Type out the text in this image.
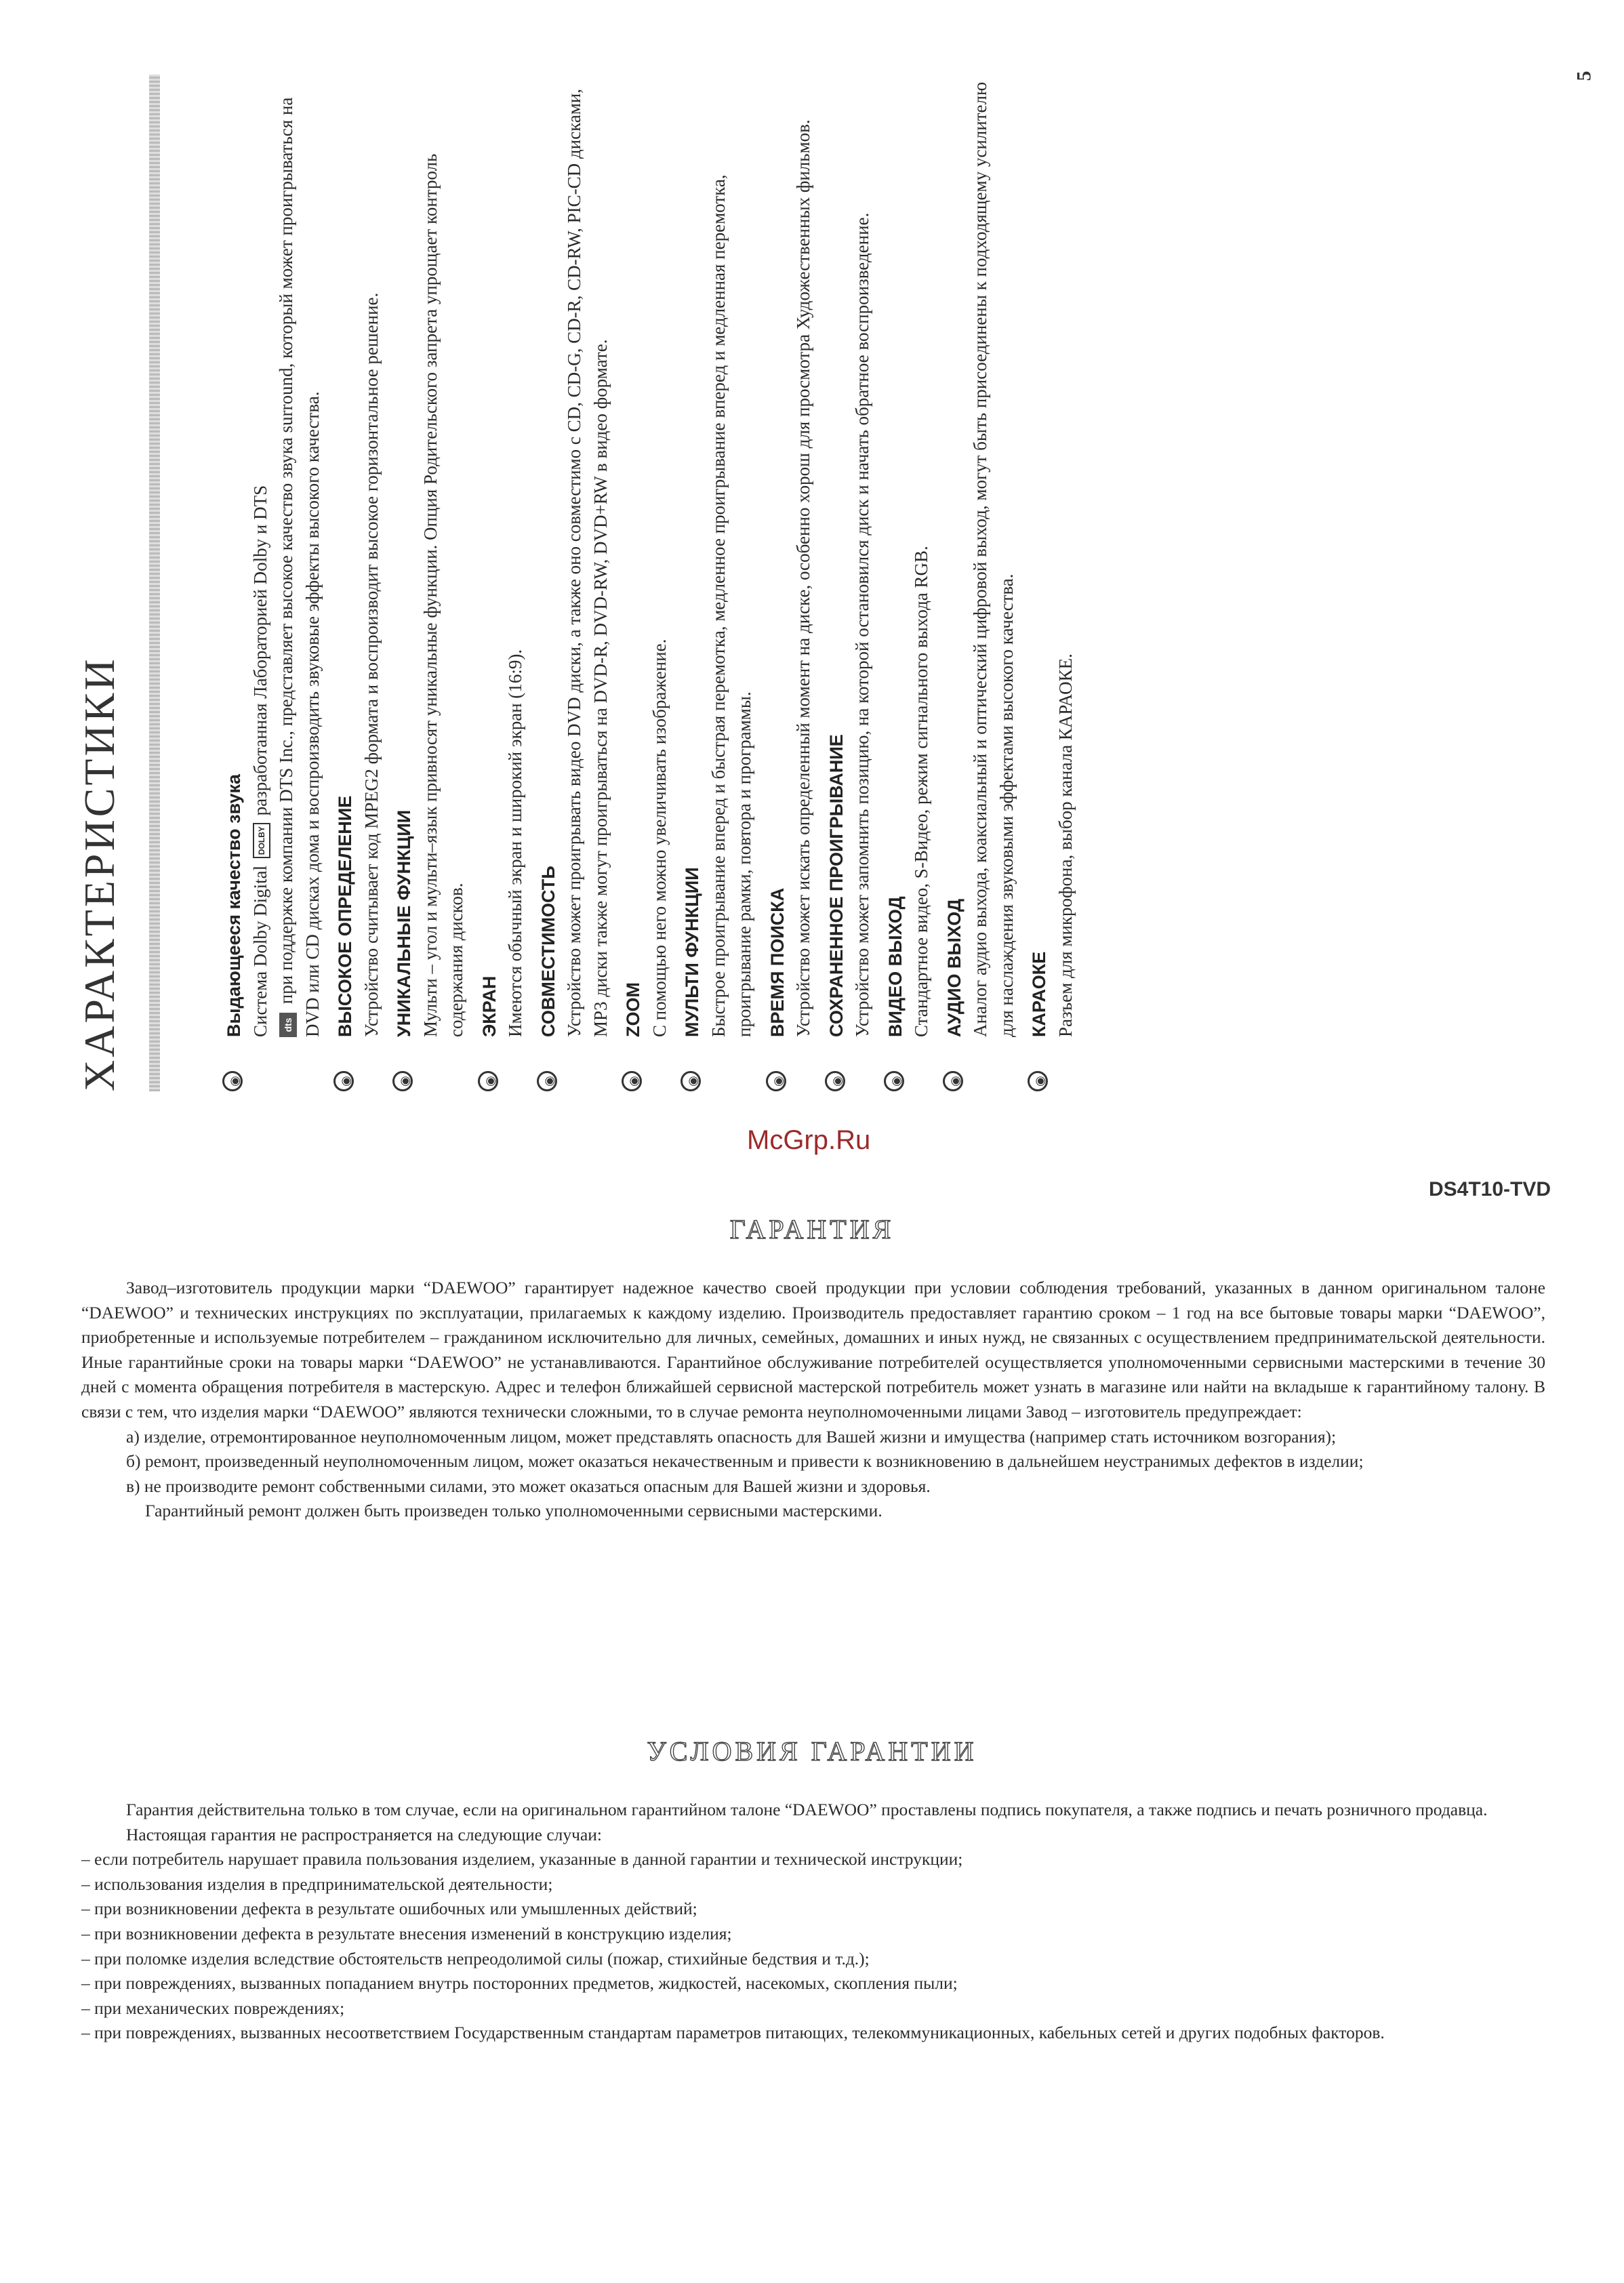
ХАРАКТЕРИСТИКИ	◉
Выдающееся качество звука Система Dolby Digital DOLBY разработанная Лабораторией Dolby и DTS
dts при поддержке компании DTS Inc., представляет высокое качество звука surround, который может проигрываться на DVD или CD дисках дома и воспроизводить звуковые эффекты высокого качества.
◉
ВЫСОКОЕ ОПРЕДЕЛЕНИЕ Устройство считывает код MPEG2 формата и воспроизводит высокое горизонтальное решение.
◉
УНИКАЛЬНЫЕ ФУНКЦИИ Мульти – угол и мульти–язык привносят уникальные функции. Опция Родительского запрета упрощает контроль содержания дисков.
◉
ЭКРАН Имеются обычный экран и широкий экран (16:9).
◉
СОВМЕСТИМОСТЬ Устройство может проигрывать видео DVD диски, а также оно совместимо с CD, CD-G, CD-R, CD-RW, PIC-CD дисками, MP3 диски также могут проигрываться на DVD-R, DVD-RW, DVD+RW в видео формате.
◉
ZOOM С помощью него можно увеличивать изображение.
◉
МУЛЬТИ ФУНКЦИИ Быстрое проигрывание вперед и быстрая перемотка, медленное проигрывание вперед и медленная перемотка, проигрывание рамки, повтора и программы.
◉
ВРЕМЯ ПОИСКА Устройство может искать определенный момент на диске, особенно хорош для просмотра Художественных фильмов.
◉
СОХРАНЕННОЕ ПРОИГРЫВАНИЕ Устройство может запомнить позицию, на которой остановился диск и начать обратное воспроизведение.
◉
ВИДЕО ВЫХОД Стандартное видео, S-Видео, режим сигнального выхода RGB.
◉
АУДИО ВЫХОД Аналог аудио выхода, коаксиальный и оптический цифровой выход, могут быть присоединены к подходящему усилителю для наслаждения звуковыми эффектами высокого качества.
◉
КАРАОКЕ Разъем для микрофона, выбор канала КАРАОКЕ.
5
McGrp.Ru
DS4T10-TVD
ГАРАНТИЯ

Завод–изготовитель продукции марки “DAEWOO” гарантирует надежное качество своей продукции при условии соблюдения требований, указанных в данном оригинальном талоне “DAEWOO” и технических инструкциях по эксплуатации, прилагаемых к каждому изделию. Производитель предоставляет гарантию сроком – 1 год на все бытовые товары марки “DAEWOO”, приобретенные и используемые потребителем – гражданином исключительно для личных, семейных, домашних и иных нужд, не связанных с осуществлением предпринимательской деятельности. Иные гарантийные сроки на товары марки “DAEWOO” не устанавливаются. Гарантийное обслуживание потребителей осуществляется уполномоченными сервисными мастерскими в течение 30 дней с момента обращения потребителя в мастерскую. Адрес и телефон ближайшей сервисной мастерской потребитель может узнать в магазине или найти на вкладыше к гарантийному талону. В связи с тем, что изделия марки “DAEWOO” являются технически сложными, то в случае ремонта неуполномоченными лицами Завод – изготовитель предупреждает:

а) изделие, отремонтированное неуполномоченным лицом, может представлять опасность для Вашей жизни и имущества (например стать источником возгорания);

б) ремонт, произведенный неуполномоченным лицом, может оказаться некачественным и привести к возникновению в дальнейшем неустранимых дефектов в изделии;

в) не производите ремонт собственными силами, это может оказаться опасным для Вашей жизни и здоровья.

Гарантийный ремонт должен быть произведен только уполномоченными сервисными мастерскими.

УСЛОВИЯ ГАРАНТИИ

Гарантия действительна только в том случае, если на оригинальном гарантийном талоне “DAEWOO” проставлены подпись покупателя, а также подпись и печать розничного продавца.

Настоящая гарантия не распространяется на следующие случаи:

– если потребитель нарушает правила пользования изделием, указанные в данной гарантии и технической инструкции;
– использования изделия в предпринимательской деятельности;
– при возникновении дефекта в результате ошибочных или умышленных действий;
– при возникновении дефекта в результате внесения изменений в конструкцию изделия;
– при поломке изделия вследствие обстоятельств непреодолимой силы (пожар, стихийные бедствия и т.д.);
– при повреждениях, вызванных попаданием внутрь посторонних предметов, жидкостей, насекомых, скопления пыли;
– при механических повреждениях;
– при повреждениях, вызванных несоответствием Государственным стандартам параметров питающих, телекоммуникационных, кабельных сетей и других подобных факторов.
